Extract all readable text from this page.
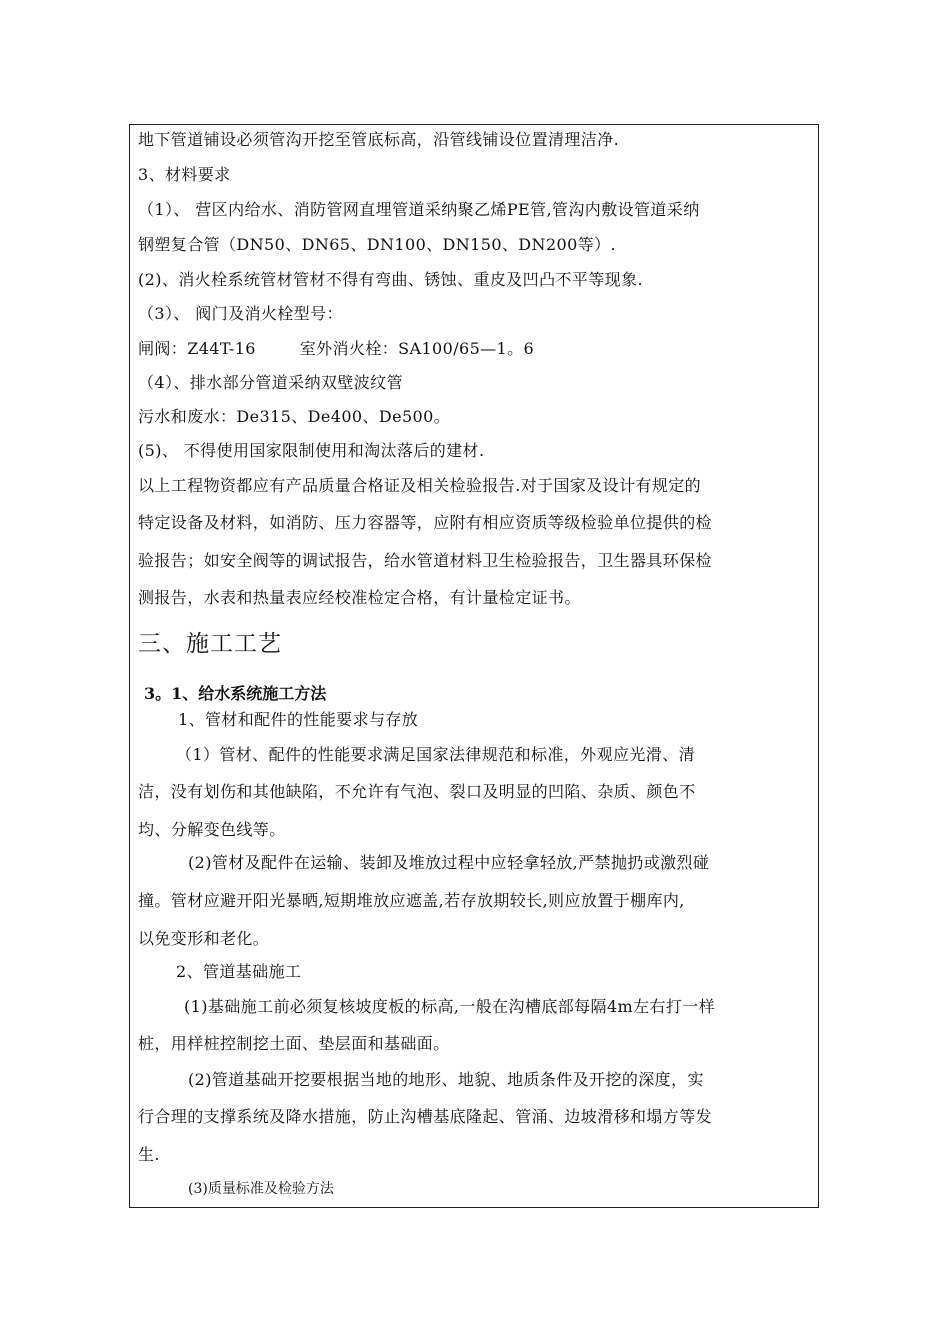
地下管道铺设必须管沟开挖至管底标高，沿管线铺设位置清理洁净.
3、材料要求
（1）、 营区内给水、消防管网直埋管道采纳聚乙烯PE管,管沟内敷设管道采纳
钢塑复合管（DN50、DN65、DN100、DN150、DN200等）.
(2)、消火栓系统管材管材不得有弯曲、锈蚀、重皮及凹凸不平等现象.
（3）、 阀门及消火栓型号：
闸阀：Z44T-16        室外消火栓：SA100/65—1。6
（4）、排水部分管道采纳双壁波纹管
污水和废水：De315、De400、De500。
(5)、 不得使用国家限制使用和淘汰落后的建材.
以上工程物资都应有产品质量合格证及相关检验报告.对于国家及设计有规定的
特定设备及材料，如消防、压力容器等，应附有相应资质等级检验单位提供的检
验报告；如安全阀等的调试报告，给水管道材料卫生检验报告，卫生器具环保检
测报告，水表和热量表应经校准检定合格，有计量检定证书。
三、施工工艺
3。1、给水系统施工方法
1、管材和配件的性能要求与存放
（1）管材、配件的性能要求满足国家法律规范和标准，外观应光滑、清
洁，没有划伤和其他缺陷，不允许有气泡、裂口及明显的凹陷、杂质、颜色不
均、分解变色线等。
(2)管材及配件在运输、装卸及堆放过程中应轻拿轻放,严禁抛扔或激烈碰
撞。管材应避开阳光暴晒,短期堆放应遮盖,若存放期较长,则应放置于棚库内,
以免变形和老化。
2、管道基础施工
(1)基础施工前必须复核坡度板的标高,一般在沟槽底部每隔4m左右打一样
桩，用样桩控制挖土面、垫层面和基础面。
(2)管道基础开挖要根据当地的地形、地貌、地质条件及开挖的深度，实
行合理的支撑系统及降水措施，防止沟槽基底隆起、管涌、边坡滑移和塌方等发
生.
(3)质量标准及检验方法
